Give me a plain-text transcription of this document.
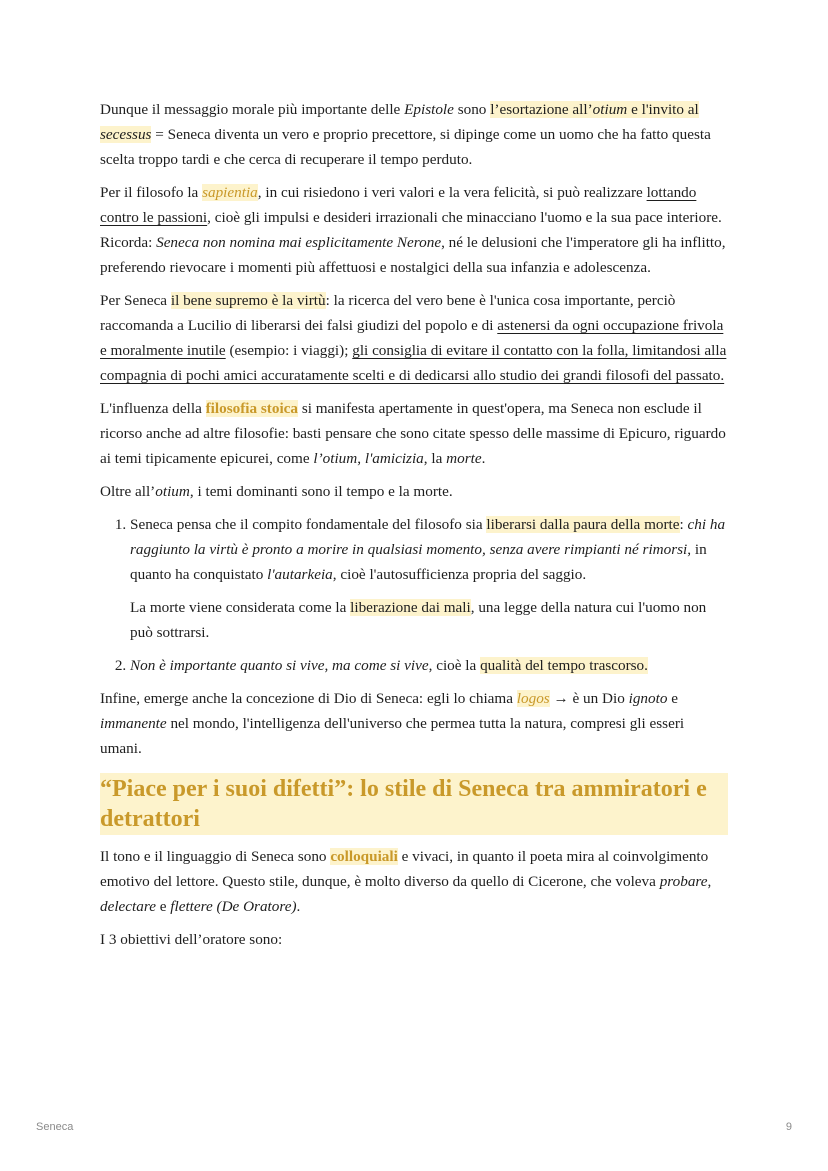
Dunque il messaggio morale più importante delle Epistole sono l’esortazione all’otium e l'invito al secessus = Seneca diventa un vero e proprio precettore, si dipinge come un uomo che ha fatto questa scelta troppo tardi e che cerca di recuperare il tempo perduto.

Per il filosofo la sapientia, in cui risiedono i veri valori e la vera felicità, si può realizzare lottando contro le passioni, cioè gli impulsi e desideri irrazionali che minacciano l'uomo e la sua pace interiore. Ricorda: Seneca non nomina mai esplicitamente Nerone, né le delusioni che l'imperatore gli ha inflitto, preferendo rievocare i momenti più affettuosi e nostalgici della sua infanzia e adolescenza.

Per Seneca il bene supremo è la virtù: la ricerca del vero bene è l'unica cosa importante, perciò raccomanda a Lucilio di liberarsi dei falsi giudizi del popolo e di astenersi da ogni occupazione frivola e moralmente inutile (esempio: i viaggi); gli consiglia di evitare il contatto con la folla, limitandosi alla compagnia di pochi amici accuratamente scelti e di dedicarsi allo studio dei grandi filosofi del passato.

L'influenza della filosofia stoica si manifesta apertamente in quest'opera, ma Seneca non esclude il ricorso anche ad altre filosofie: basti pensare che sono citate spesso delle massime di Epicuro, riguardo ai temi tipicamente epicurei, come l’otium, l'amicizia, la morte.

Oltre all’otium, i temi dominanti sono il tempo e la morte.

1. Seneca pensa che il compito fondamentale del filosofo sia liberarsi dalla paura della morte: chi ha raggiunto la virtù è pronto a morire in qualsiasi momento, senza avere rimpianti né rimorsi, in quanto ha conquistato l'autarkeia, cioè l'autosufficienza propria del saggio.

La morte viene considerata come la liberazione dai mali, una legge della natura cui l'uomo non può sottrarsi.

2. Non è importante quanto si vive, ma come si vive, cioè la qualità del tempo trascorso.

Infine, emerge anche la concezione di Dio di Seneca: egli lo chiama logos → è un Dio ignoto e immanente nel mondo, l'intelligenza dell'universo che permea tutta la natura, compresi gli esseri umani.

“Piace per i suoi difetti”: lo stile di Seneca tra ammiratori e detrattori

Il tono e il linguaggio di Seneca sono colloquiali e vivaci, in quanto il poeta mira al coinvolgimento emotivo del lettore. Questo stile, dunque, è molto diverso da quello di Cicerone, che voleva probare, delectare e flettere (De Oratore).

I 3 obiettivi dell’oratore sono:

Seneca	9
